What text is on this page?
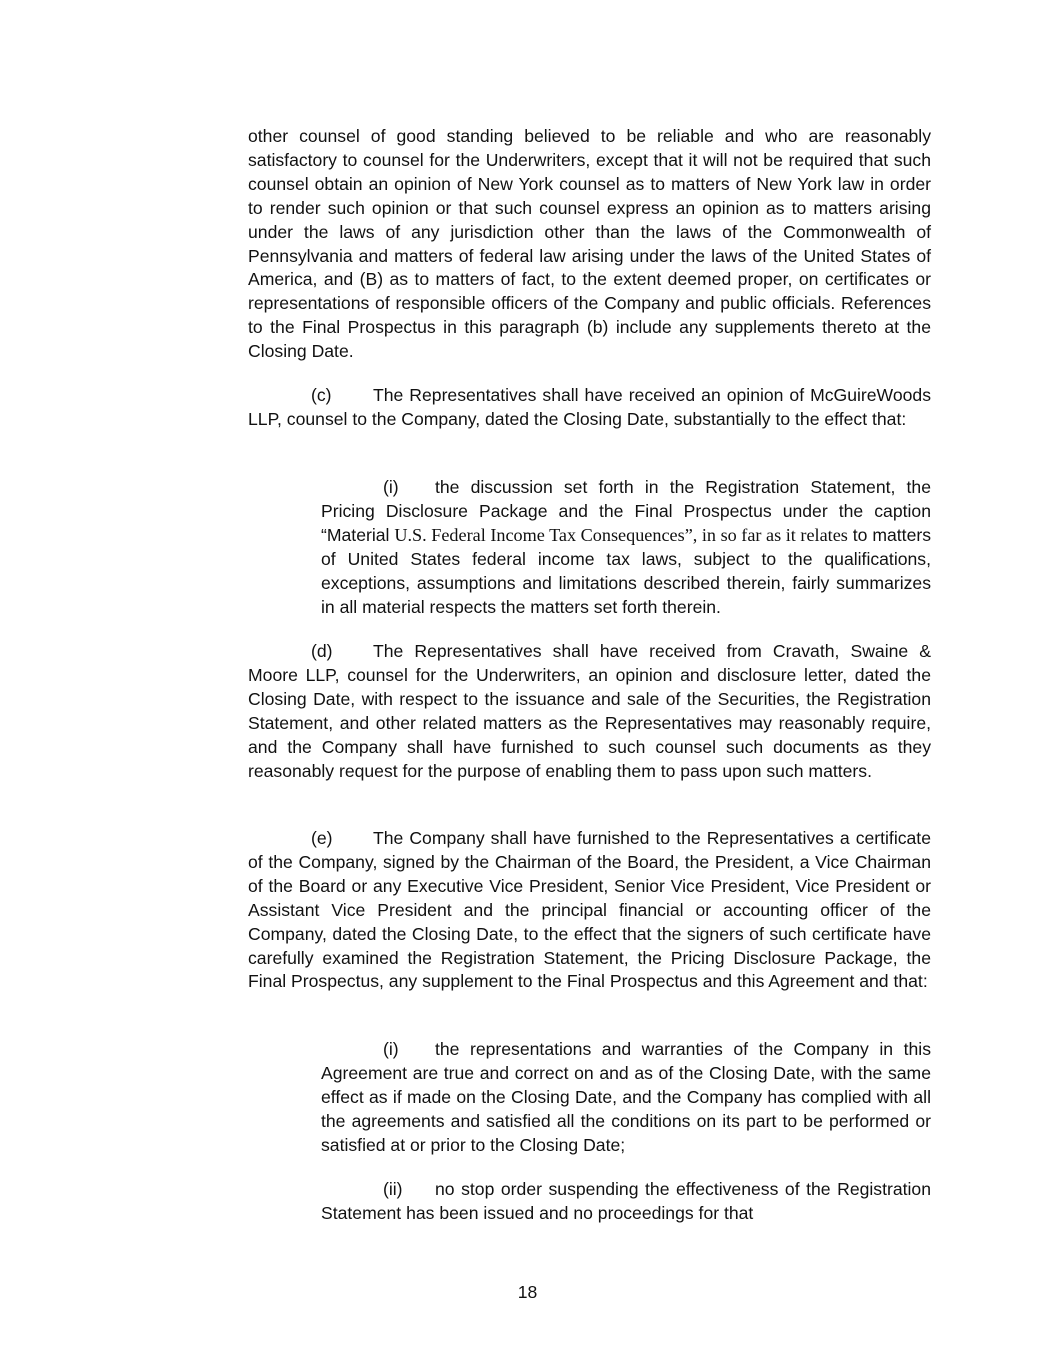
other counsel of good standing believed to be reliable and who are reasonably satisfactory to counsel for the Underwriters, except that it will not be required that such counsel obtain an opinion of New York counsel as to matters of New York law in order to render such opinion or that such counsel express an opinion as to matters arising under the laws of any jurisdiction other than the laws of the Commonwealth of Pennsylvania and matters of federal law arising under the laws of the United States of America, and (B) as to matters of fact, to the extent deemed proper, on certificates or representations of responsible officers of the Company and public officials. References to the Final Prospectus in this paragraph (b) include any supplements thereto at the Closing Date.

(c) The Representatives shall have received an opinion of McGuireWoods LLP, counsel to the Company, dated the Closing Date, substantially to the effect that:

(i) the discussion set forth in the Registration Statement, the Pricing Disclosure Package and the Final Prospectus under the caption “Material U.S. Federal Income Tax Consequences”, in so far as it relates to matters of United States federal income tax laws, subject to the qualifications, exceptions, assumptions and limitations described therein, fairly summarizes in all material respects the matters set forth therein.

(d) The Representatives shall have received from Cravath, Swaine & Moore LLP, counsel for the Underwriters, an opinion and disclosure letter, dated the Closing Date, with respect to the issuance and sale of the Securities, the Registration Statement, and other related matters as the Representatives may reasonably require, and the Company shall have furnished to such counsel such documents as they reasonably request for the purpose of enabling them to pass upon such matters.

(e) The Company shall have furnished to the Representatives a certificate of the Company, signed by the Chairman of the Board, the President, a Vice Chairman of the Board or any Executive Vice President, Senior Vice President, Vice President or Assistant Vice President and the principal financial or accounting officer of the Company, dated the Closing Date, to the effect that the signers of such certificate have carefully examined the Registration Statement, the Pricing Disclosure Package, the Final Prospectus, any supplement to the Final Prospectus and this Agreement and that:

(i) the representations and warranties of the Company in this Agreement are true and correct on and as of the Closing Date, with the same effect as if made on the Closing Date, and the Company has complied with all the agreements and satisfied all the conditions on its part to be performed or satisfied at or prior to the Closing Date;

(ii) no stop order suspending the effectiveness of the Registration Statement has been issued and no proceedings for that

18
